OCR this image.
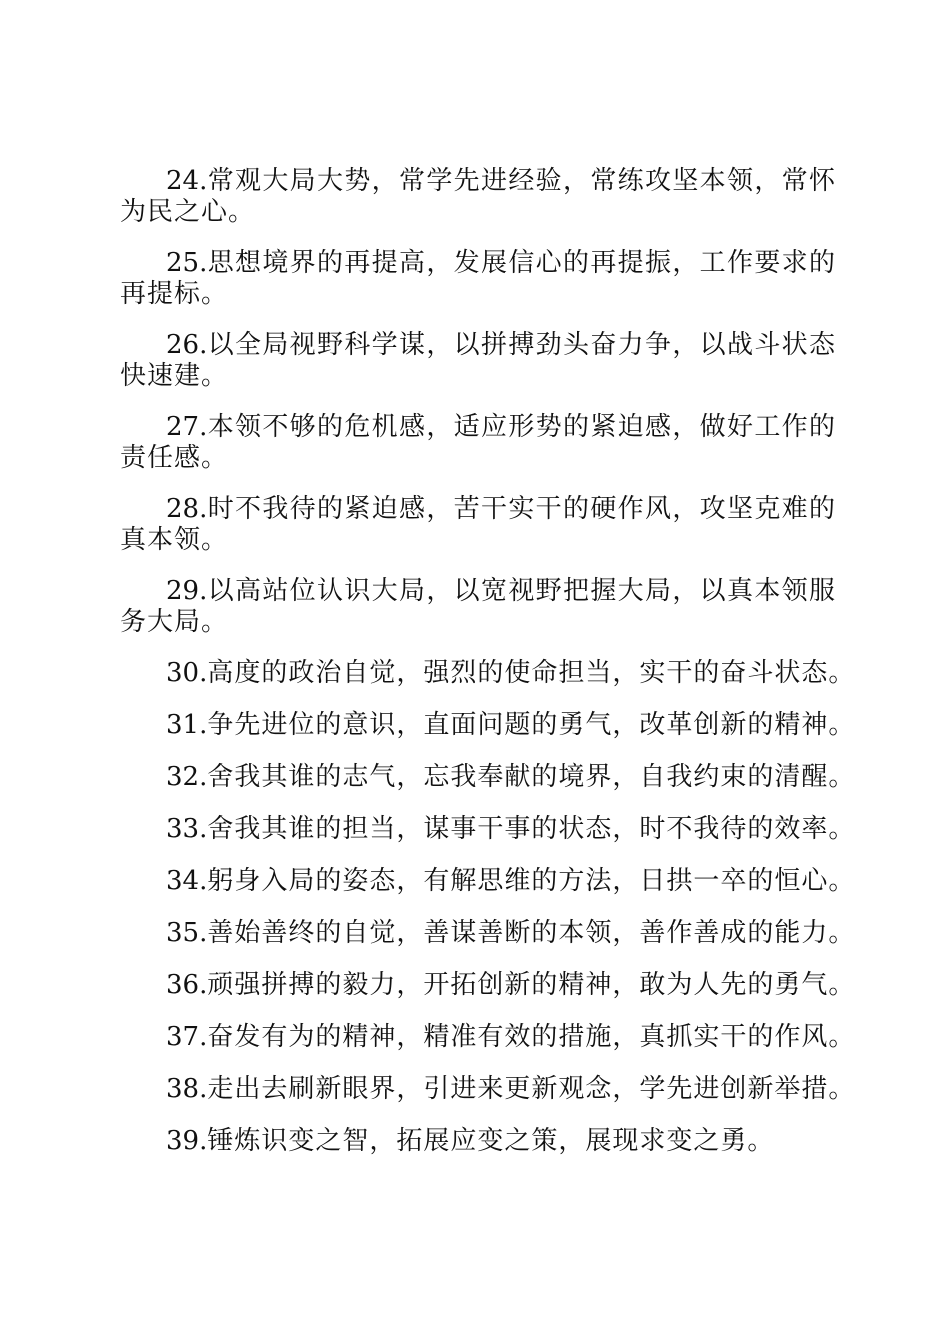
24.常观大局大势，常学先进经验，常练攻坚本领，常怀为民之心。

25.思想境界的再提高，发展信心的再提振，工作要求的再提标。

26.以全局视野科学谋，以拼搏劲头奋力争，以战斗状态快速建。

27.本领不够的危机感，适应形势的紧迫感，做好工作的责任感。

28.时不我待的紧迫感，苦干实干的硬作风，攻坚克难的真本领。

29.以高站位认识大局，以宽视野把握大局，以真本领服务大局。

30.高度的政治自觉，强烈的使命担当，实干的奋斗状态。

31.争先进位的意识，直面问题的勇气，改革创新的精神。

32.舍我其谁的志气，忘我奉献的境界，自我约束的清醒。

33.舍我其谁的担当，谋事干事的状态，时不我待的效率。

34.躬身入局的姿态，有解思维的方法，日拱一卒的恒心。

35.善始善终的自觉，善谋善断的本领，善作善成的能力。

36.顽强拼搏的毅力，开拓创新的精神，敢为人先的勇气。

37.奋发有为的精神，精准有效的措施，真抓实干的作风。

38.走出去刷新眼界，引进来更新观念，学先进创新举措。

39.锤炼识变之智，拓展应变之策，展现求变之勇。
